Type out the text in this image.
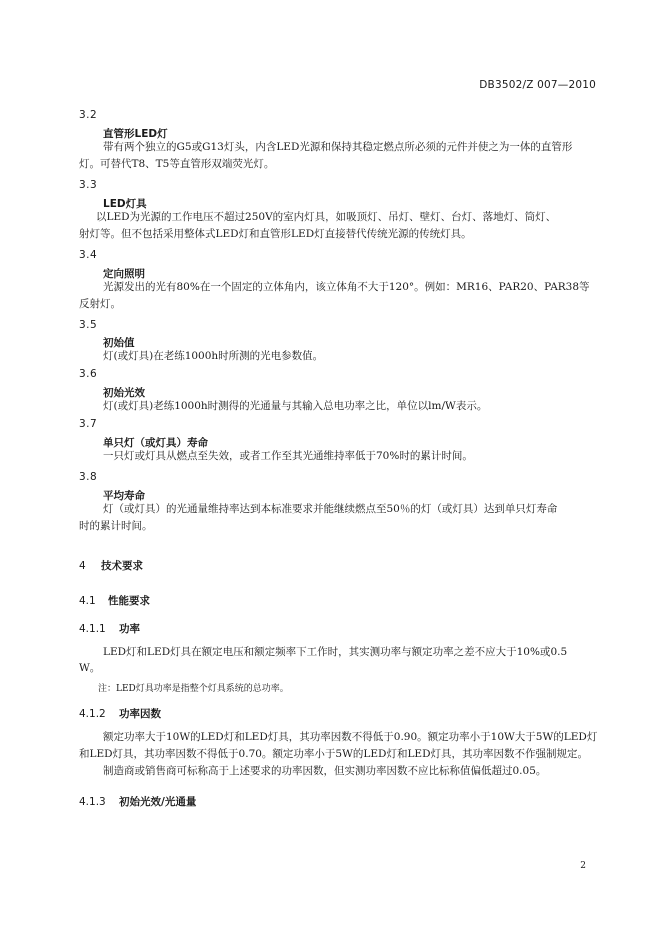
DB3502/Z 007—2010
3.2
直管形LED灯
带有两个独立的G5或G13灯头，内含LED光源和保持其稳定燃点所必须的元件并使之为一体的直管形
灯。可替代T8、T5等直管形双端荧光灯。
3.3
LED灯具
以LED为光源的工作电压不超过250V的室内灯具，如吸顶灯、吊灯、壁灯、台灯、落地灯、筒灯、
射灯等。但不包括采用整体式LED灯和直管形LED灯直接替代传统光源的传统灯具。
3.4
定向照明
光源发出的光有80%在一个固定的立体角内，该立体角不大于120°。例如：MR16、PAR20、PAR38等
反射灯。
3.5
初始值
灯(或灯具)在老练1000h时所测的光电参数值。
3.6
初始光效
灯(或灯具)老练1000h时测得的光通量与其输入总电功率之比，单位以lm/W表示。
3.7
单只灯（或灯具）寿命
一只灯或灯具从燃点至失效，或者工作至其光通维持率低于70%时的累计时间。
3.8
平均寿命
灯（或灯具）的光通量维持率达到本标准要求并能继续燃点至50％的灯（或灯具）达到单只灯寿命
时的累计时间。
4 技术要求
4.1 性能要求
4.1.1 功率
LED灯和LED灯具在额定电压和额定频率下工作时，其实测功率与额定功率之差不应大于10%或0.5
W。
注：LED灯具功率是指整个灯具系统的总功率。
4.1.2 功率因数
额定功率大于10W的LED灯和LED灯具，其功率因数不得低于0.90。额定功率小于10W大于5W的LED灯
和LED灯具，其功率因数不得低于0.70。额定功率小于5W的LED灯和LED灯具，其功率因数不作强制规定。
制造商或销售商可标称高于上述要求的功率因数，但实测功率因数不应比标称值偏低超过0.05。
4.1.3 初始光效/光通量
2
